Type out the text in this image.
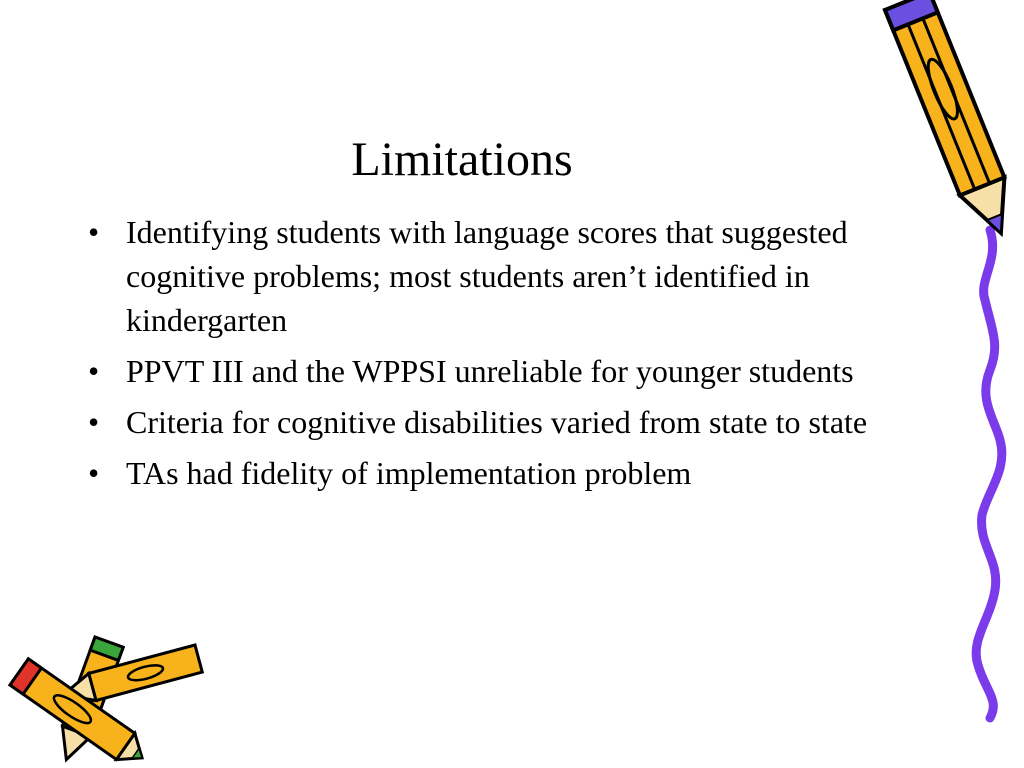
Limitations
• Identifying students with language scores that suggested cognitive problems; most students aren’t identified in kindergarten
• PPVT III and the WPPSI unreliable for younger students
• Criteria for cognitive disabilities varied from state to state
• TAs had fidelity of implementation problem
